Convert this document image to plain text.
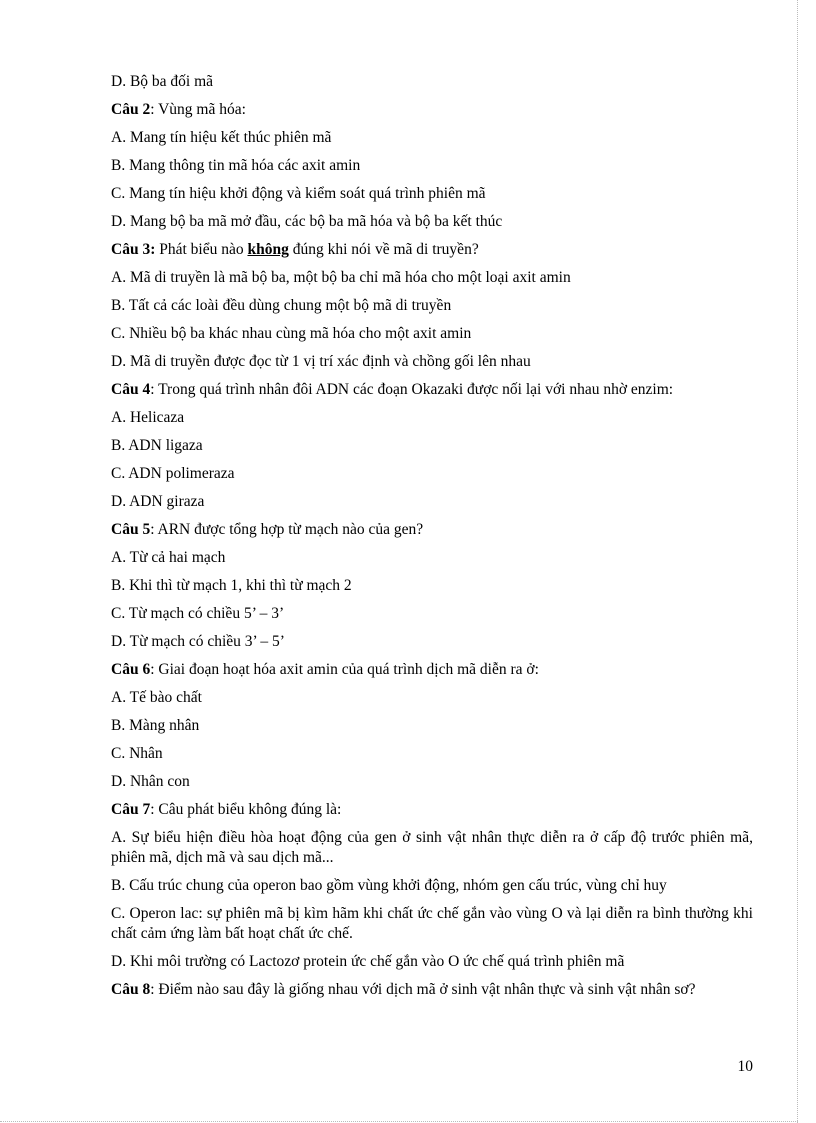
D. Bộ ba đối mã

Câu 2: Vùng mã hóa:

A. Mang tín hiệu kết thúc phiên mã

B. Mang thông tin mã hóa các axit amin

C. Mang tín hiệu khởi động và kiểm soát quá trình phiên mã

D. Mang bộ ba mã mở đầu, các bộ ba mã hóa và bộ ba kết thúc

Câu 3: Phát biểu nào không đúng khi nói về mã di truyền?

A. Mã di truyền là mã bộ ba, một bộ ba chỉ mã hóa cho một loại axit amin

B. Tất cả các loài đều dùng chung một bộ mã di truyền

C. Nhiều bộ ba khác nhau cùng mã hóa cho một axit amin

D. Mã di truyền được đọc từ 1 vị trí xác định và chồng gối lên nhau

Câu 4: Trong quá trình nhân đôi ADN các đoạn Okazaki được nối lại với nhau nhờ enzim:

A. Helicaza

B. ADN ligaza

C. ADN polimeraza

D. ADN giraza

Câu 5: ARN được tổng hợp từ mạch nào của gen?

A. Từ cả hai mạch

B. Khi thì từ mạch 1, khi thì từ mạch 2

C. Từ mạch có chiều 5’ – 3’

D. Từ mạch có chiều 3’ – 5’

Câu 6: Giai đoạn hoạt hóa axit amin của quá trình dịch mã diễn ra ở:

A. Tế bào chất

B. Màng nhân

C. Nhân

D. Nhân con

Câu 7: Câu phát biểu không đúng là:

A. Sự biểu hiện điều hòa hoạt động của gen ở sinh vật nhân thực diễn ra ở cấp độ trước phiên mã, phiên mã, dịch mã và sau dịch mã...

B. Cấu trúc chung của operon bao gồm vùng khởi động, nhóm gen cấu trúc, vùng chỉ huy

C. Operon lac: sự phiên mã bị kìm hãm khi chất ức chế gắn vào vùng O và lại diễn ra bình thường khi chất cảm ứng làm bất hoạt chất ức chế.

D. Khi môi trường có Lactozơ protein ức chế gắn vào O ức chế quá trình phiên mã

Câu 8: Điểm nào sau đây là giống nhau với dịch mã ở sinh vật nhân thực và sinh vật nhân sơ?

10
